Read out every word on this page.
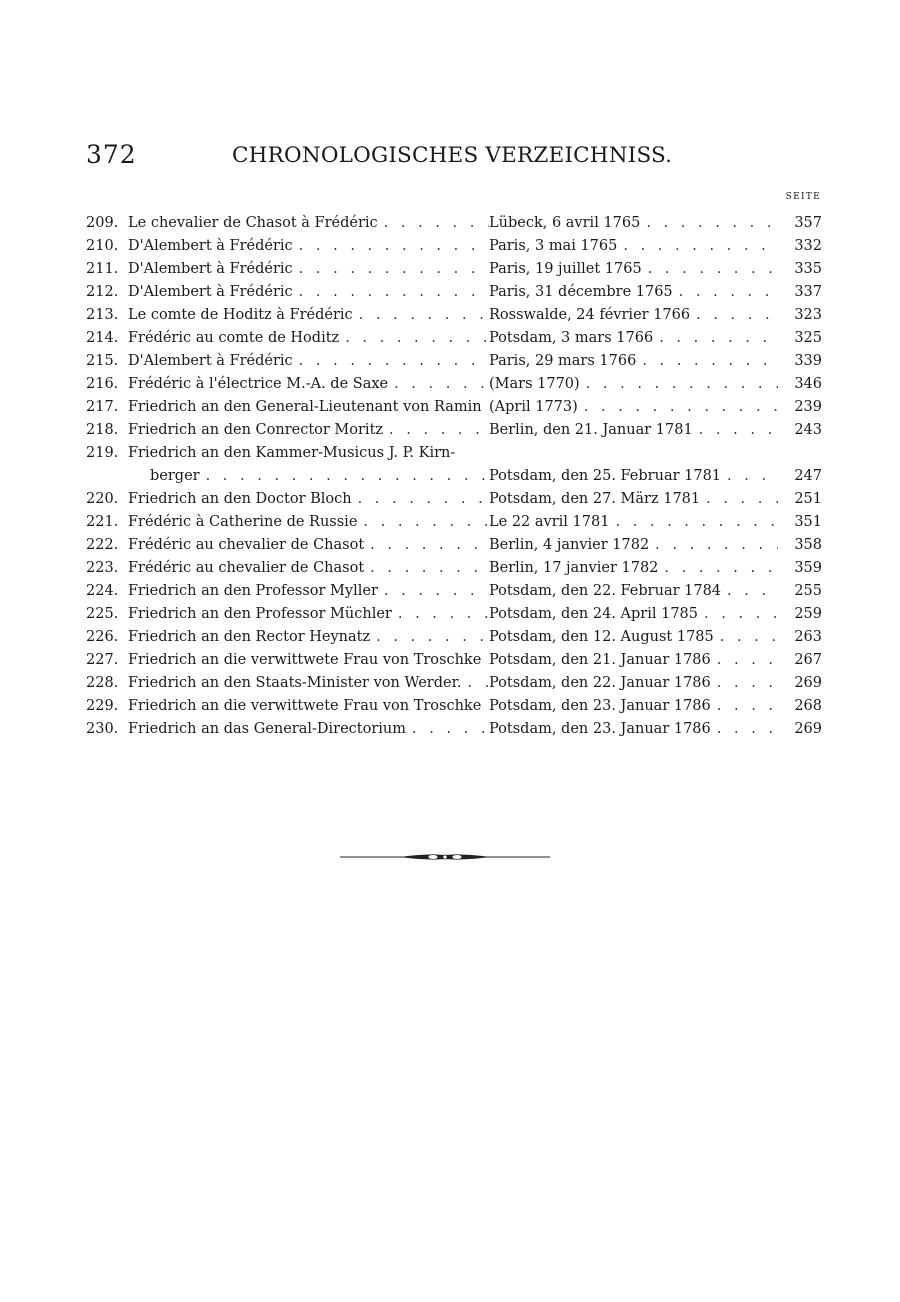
372	CHRONOLOGISCHES VERZEICHNISS.
SEITE
209. Le chevalier de Chasot à Frédéric . . .	Lübeck, 6 avril 1765 . . .	357
210. D'Alembert à Frédéric . . .	Paris, 3 mai 1765 . . .	332
211. D'Alembert à Frédéric . . .	Paris, 19 juillet 1765 . . .	335
212. D'Alembert à Frédéric . . .	Paris, 31 décembre 1765 . . .	337
213. Le comte de Hoditz à Frédéric . . .	Rosswalde, 24 février 1766 . . .	323
214. Frédéric au comte de Hoditz . . .	Potsdam, 3 mars 1766 . . .	325
215. D'Alembert à Frédéric . . .	Paris, 29 mars 1766 . . .	339
216. Frédéric à l'électrice M.-A. de Saxe . . .	(Mars 1770) . . .	346
217. Friedrich an den General-Lieutenant von Ramin . . . (April 1773) . . .	239
218. Friedrich an den Conrector Moritz . . .	Berlin, den 21. Januar 1781 . . .	243
219. Friedrich an den Kammer-Musicus J. P. Kirn-
berger . . .	Potsdam, den 25. Februar 1781 . . .	247
220. Friedrich an den Doctor Bloch . . .	Potsdam, den 27. März 1781 . . .	251
221. Frédéric à Catherine de Russie . . .	Le 22 avril 1781 . . .	351
222. Frédéric au chevalier de Chasot . . .	Berlin, 4 janvier 1782 . . .	358
223. Frédéric au chevalier de Chasot . . .	Berlin, 17 janvier 1782 . . .	359
224. Friedrich an den Professor Myller . . .	Potsdam, den 22. Februar 1784 . . .	255
225. Friedrich an den Professor Müchler . . .	Potsdam, den 24. April 1785 . . .	259
226. Friedrich an den Rector Heynatz . . .	Potsdam, den 12. August 1785 . . .	263
227. Friedrich an die verwittwete Frau von Troschke . . . Potsdam, den 21. Januar 1786 . . .	267
228. Friedrich an den Staats-Minister von Werder. . . . Potsdam, den 22. Januar 1786 . . .	269
229. Friedrich an die verwittwete Frau von Troschke . . . Potsdam, den 23. Januar 1786 . . .	268
230. Friedrich an das General-Directorium . . .	Potsdam, den 23. Januar 1786 . . .	269
